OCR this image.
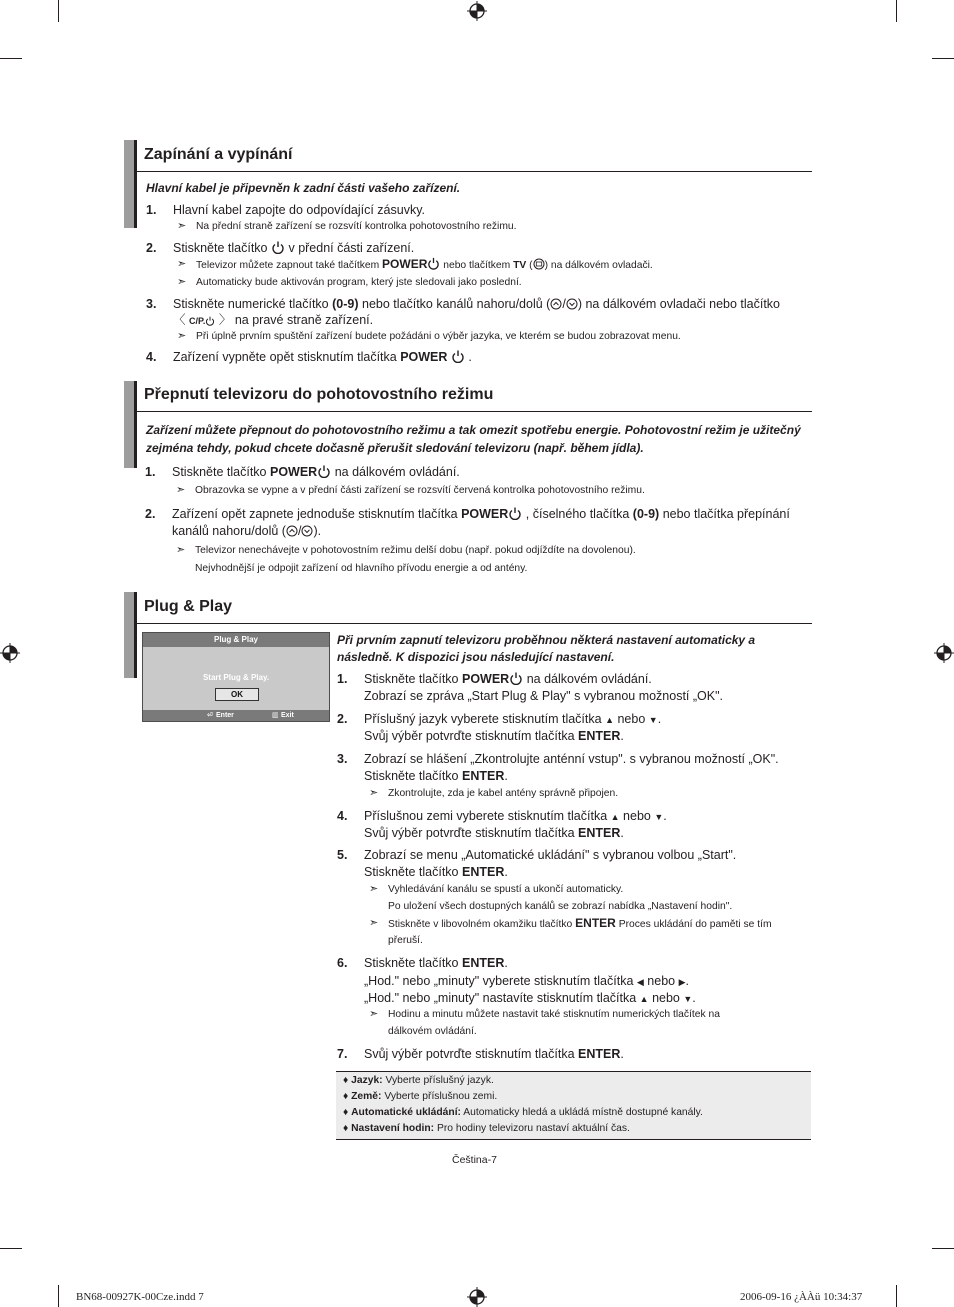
Zapínání a vypínání
Hlavní kabel je připevněn k zadní části vašeho zařízení.
1. Hlavní kabel zapojte do odpovídající zásuvky.
➣ Na přední straně zařízení se rozsvítí kontrolka pohotovostního režimu.
2. Stiskněte tlačítko v přední části zařízení.
➣ Televizor můžete zapnout také tlačítkem POWER nebo tlačítkem TV ( ) na dálkovém ovladači.
➣ Automaticky bude aktivován program, který jste sledovali jako poslední.
3. Stiskněte numerické tlačítko (0-9) nebo tlačítko kanálů nahoru/dolů ( / ) na dálkovém ovladači nebo tlačítko
〈 C/P. 〉 na pravé straně zařízení.
➣ Při úplně prvním spuštění zařízení budete požádáni o výběr jazyka, ve kterém se budou zobrazovat menu.
4. Zařízení vypněte opět stisknutím tlačítka POWER .
Přepnutí televizoru do pohotovostního režimu
Zařízení můžete přepnout do pohotovostního režimu a tak omezit spotřebu energie. Pohotovostní režim je užitečný
zejména tehdy, pokud chcete dočasně přerušit sledování televizoru (např. během jídla).
1. Stiskněte tlačítko POWER na dálkovém ovládání.
➣ Obrazovka se vypne a v přední části zařízení se rozsvítí červená kontrolka pohotovostního režimu.
2. Zařízení opět zapnete jednoduše stisknutím tlačítka POWER , číselného tlačítka (0-9) nebo tlačítka přepínání
kanálů nahoru/dolů ( / ).
➣ Televizor nenechávejte v pohotovostním režimu delší dobu (např. pokud odjíždíte na dovolenou).
Nejvhodnější je odpojit zařízení od hlavního přívodu energie a od antény.
Plug & Play
Plug & Play
Start Plug & Play.
OK
⏎ Enter	▥ Exit
Při prvním zapnutí televizoru proběhnou některá nastavení automaticky a
následně. K dispozici jsou následující nastavení.
1. Stiskněte tlačítko POWER na dálkovém ovládání.
Zobrazí se zpráva „Start Plug & Play" s vybranou možností „OK".
2. Příslušný jazyk vyberete stisknutím tlačítka ▲ nebo ▼.
Svůj výběr potvrďte stisknutím tlačítka ENTER.
3. Zobrazí se hlášení „Zkontrolujte anténní vstup". s vybranou možností „OK".
Stiskněte tlačítko ENTER.
➣ Zkontrolujte, zda je kabel antény správně připojen.
4. Příslušnou zemi vyberete stisknutím tlačítka ▲ nebo ▼.
Svůj výběr potvrďte stisknutím tlačítka ENTER.
5. Zobrazí se menu „Automatické ukládání" s vybranou volbou „Start".
Stiskněte tlačítko ENTER.
➣ Vyhledávání kanálu se spustí a ukončí automaticky.
Po uložení všech dostupných kanálů se zobrazí nabídka „Nastavení hodin".
➣ Stiskněte v libovolném okamžiku tlačítko ENTER Proces ukládání do paměti se tím
přeruší.
6. Stiskněte tlačítko ENTER.
„Hod." nebo „minuty" vyberete stisknutím tlačítka ◀ nebo ▶.
„Hod." nebo „minuty" nastavíte stisknutím tlačítka ▲ nebo ▼.
➣ Hodinu a minutu můžete nastavit také stisknutím numerických tlačítek na
dálkovém ovládání.
7. Svůj výběr potvrďte stisknutím tlačítka ENTER.
♦ Jazyk: Vyberte příslušný jazyk.
♦ Země: Vyberte příslušnou zemi.
♦ Automatické ukládání: Automaticky hledá a ukládá místně dostupné kanály.
♦ Nastavení hodin: Pro hodiny televizoru nastaví aktuální čas.
Čeština-7
BN68-00927K-00Cze.indd 7	2006-09-16 ¿ÀÀü 10:34:37
